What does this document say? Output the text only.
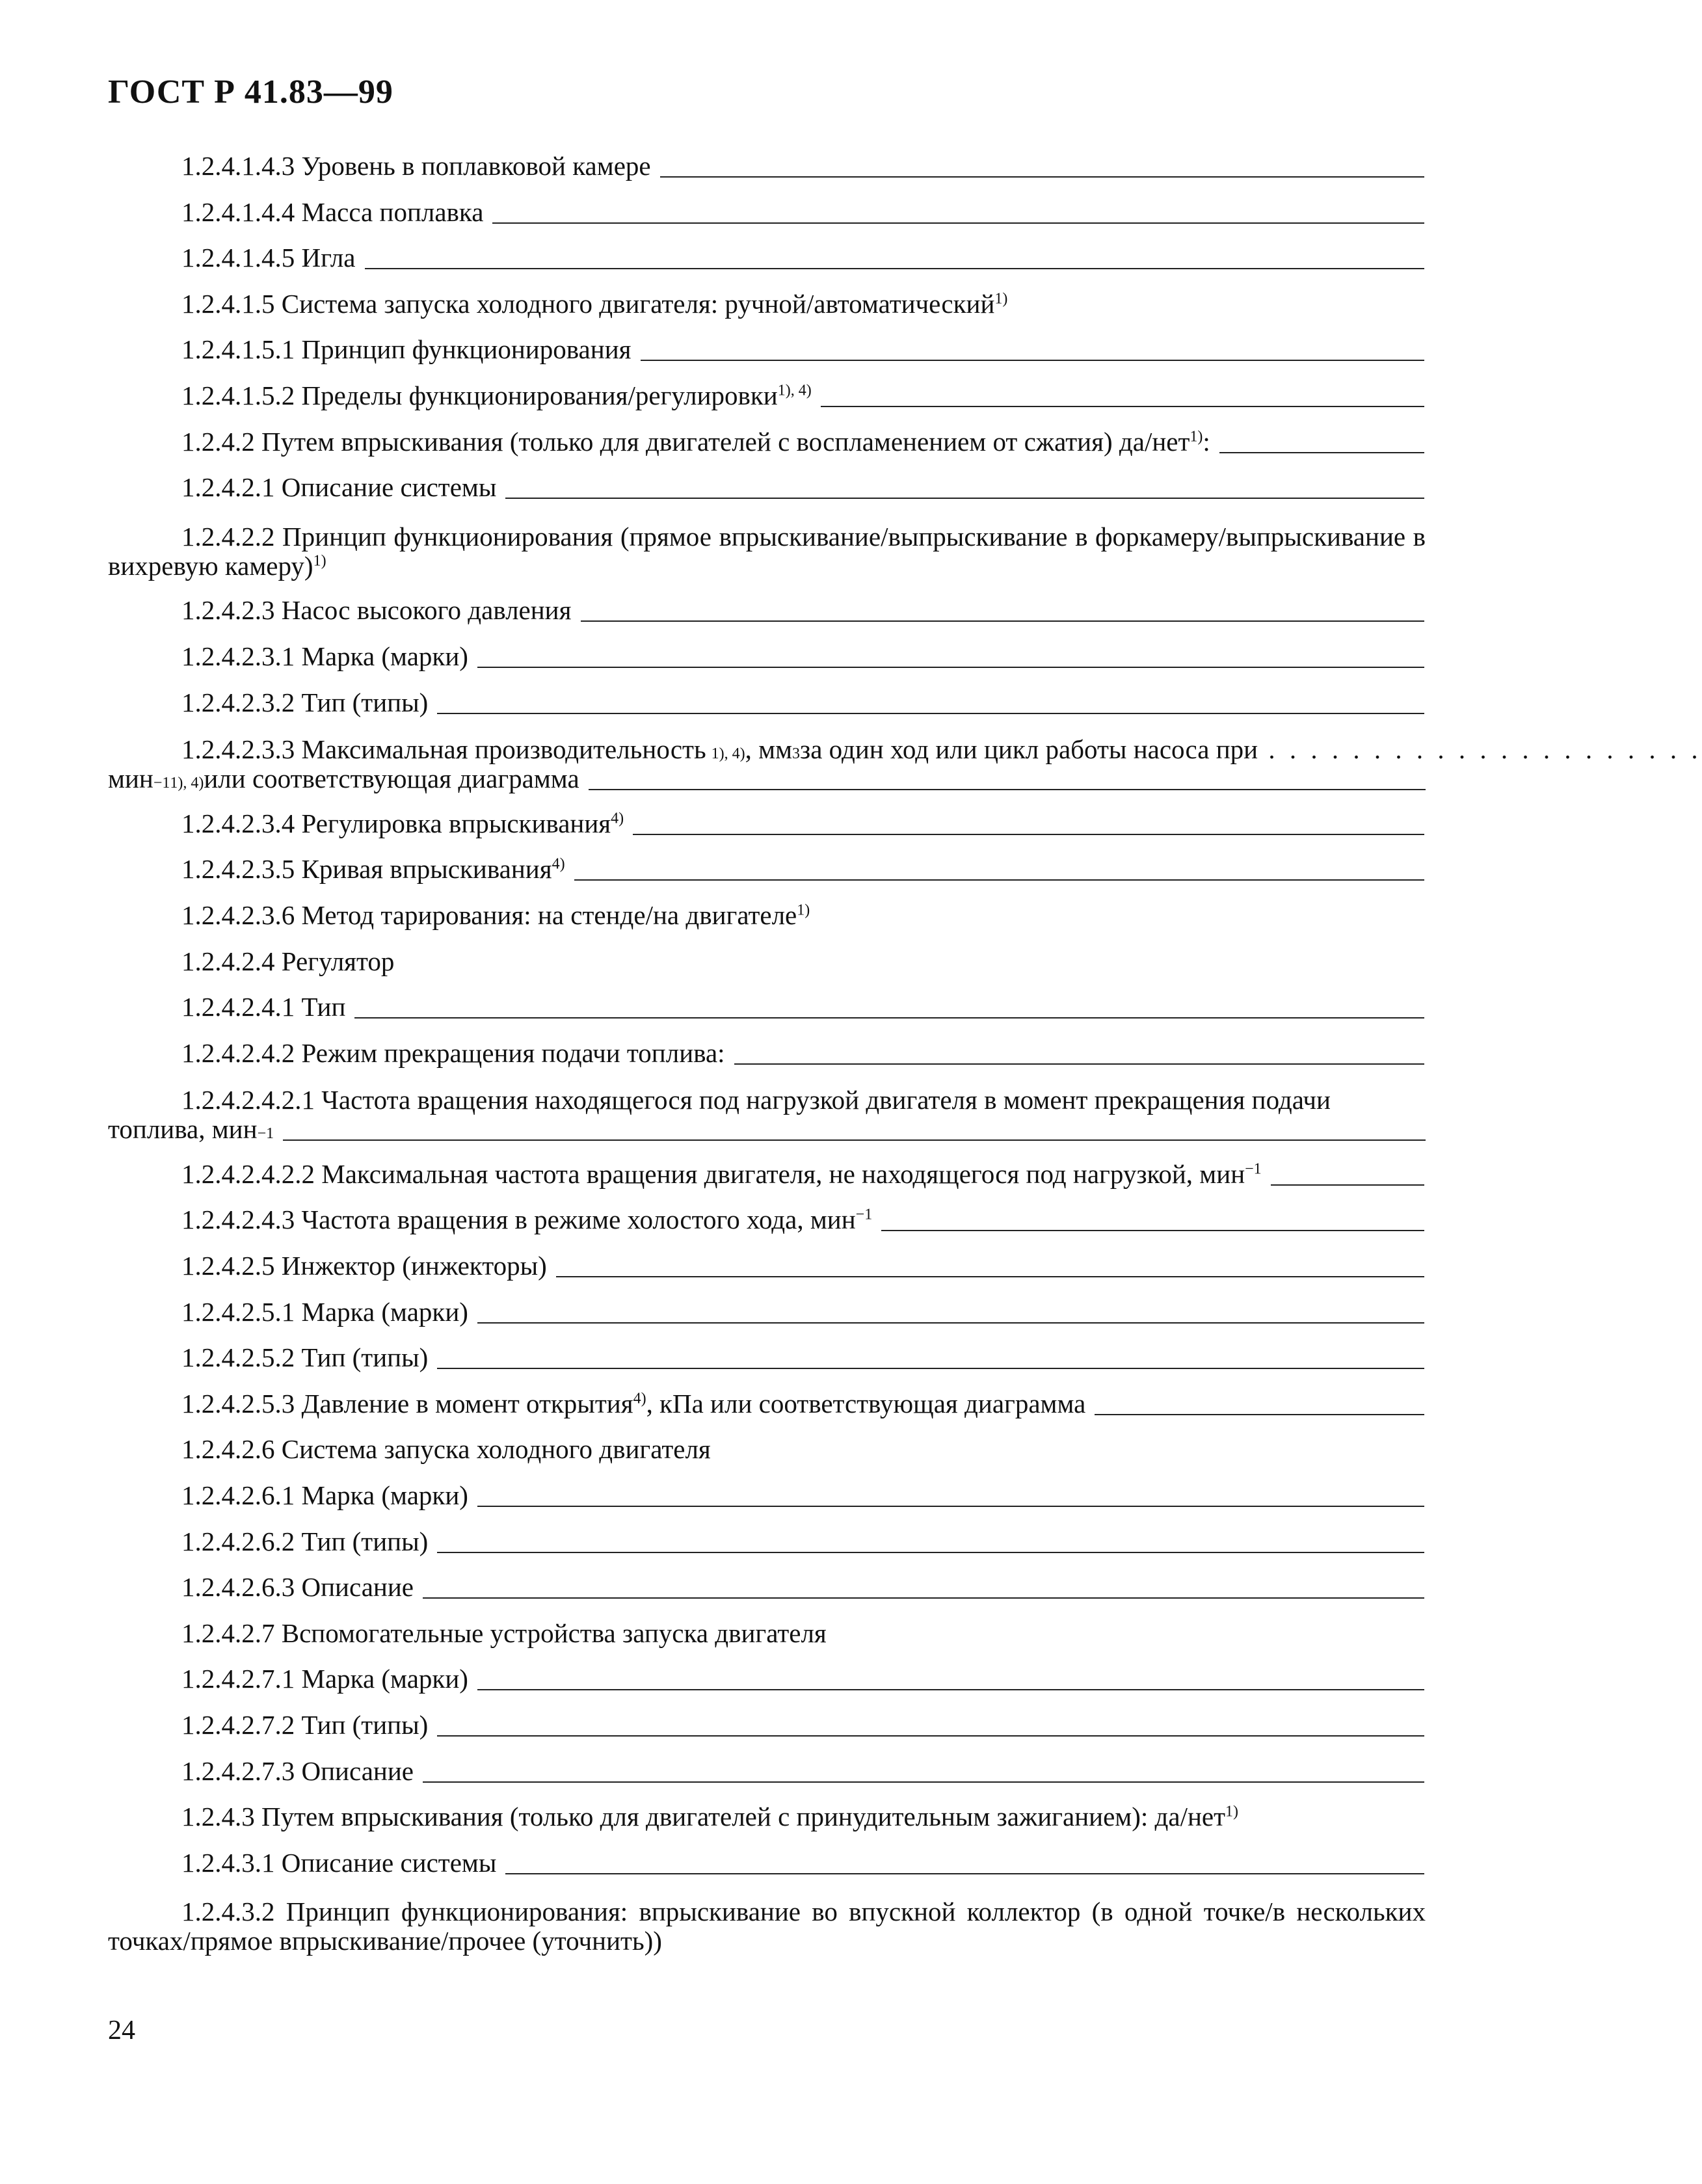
ГОСТ Р 41.83—99
1.2.4.1.4.3 Уровень в поплавковой камере
1.2.4.1.4.4 Масса поплавка
1.2.4.1.4.5 Игла
1.2.4.1.5 Система запуска холодного двигателя: ручной/автоматический$^{1)}$
1.2.4.1.5.1 Принцип функционирования
1.2.4.1.5.2 Пределы функционирования/регулировки$^{1), 4)}$
1.2.4.2 Путем впрыскивания (только для двигателей с воспламенением от сжатия) да/нет$^{1)}$:
1.2.4.2.1 Описание системы
1.2.4.2.2 Принцип функционирования (прямое впрыскивание/выпрыскивание в форкамеру/выпрыскивание в вихревую камеру)$^{1)}$
1.2.4.2.3 Насос высокого давления
1.2.4.2.3.1 Марка (марки)
1.2.4.2.3.2 Тип (типы)
1.2.4.2.3.3 Максимальная производительность 1), 4) , мм 3 за один ход или цикл работы насоса при . . . . . . . . . . . . . . . . . . . . .
мин −1 1), 4) или соответствующая диаграмма
1.2.4.2.3.4 Регулировка впрыскивания$^{4)}$
1.2.4.2.3.5 Кривая впрыскивания$^{4)}$
1.2.4.2.3.6 Метод тарирования: на стенде/на двигателе$^{1)}$
1.2.4.2.4 Регулятор
1.2.4.2.4.1 Тип
1.2.4.2.4.2 Режим прекращения подачи топлива:
1.2.4.2.4.2.1 Частота вращения находящегося под нагрузкой двигателя в момент прекращения подачи
топлива, мин −1
1.2.4.2.4.2.2 Максимальная частота вращения двигателя, не находящегося под нагрузкой, мин$^{-1}$
1.2.4.2.4.3 Частота вращения в режиме холостого хода, мин$^{-1}$
1.2.4.2.5 Инжектор (инжекторы)
1.2.4.2.5.1 Марка (марки)
1.2.4.2.5.2 Тип (типы)
1.2.4.2.5.3 Давление в момент открытия$^{4)}$, кПа или соответствующая диаграмма
1.2.4.2.6 Система запуска холодного двигателя
1.2.4.2.6.1 Марка (марки)
1.2.4.2.6.2 Тип (типы)
1.2.4.2.6.3 Описание
1.2.4.2.7 Вспомогательные устройства запуска двигателя
1.2.4.2.7.1 Марка (марки)
1.2.4.2.7.2 Тип (типы)
1.2.4.2.7.3 Описание
1.2.4.3 Путем впрыскивания (только для двигателей с принудительным зажиганием): да/нет$^{1)}$
1.2.4.3.1 Описание системы
1.2.4.3.2 Принцип функционирования: впрыскивание во впускной коллектор (в одной точке/в нескольких точках/прямое впрыскивание/прочее (уточнить))
24
